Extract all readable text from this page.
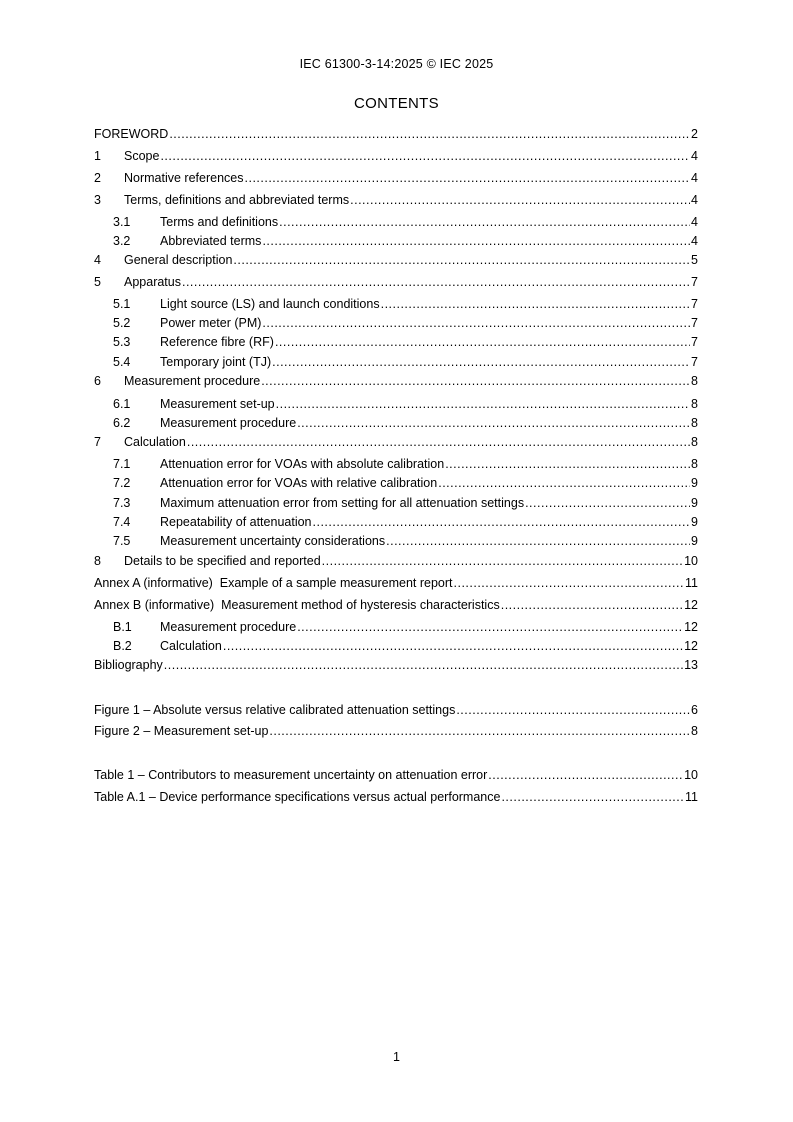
IEC 61300-3-14:2025 © IEC 2025
CONTENTS
FOREWORD .....	2
1	Scope .....	4
2	Normative references .....	4
3	Terms, definitions and abbreviated terms .....	4
3.1	Terms and definitions .....	4
3.2	Abbreviated terms .....	4
4	General description .....	5
5	Apparatus .....	7
5.1	Light source (LS) and launch conditions .....	7
5.2	Power meter (PM) .....	7
5.3	Reference fibre (RF) .....	7
5.4	Temporary joint (TJ) .....	7
6	Measurement procedure .....	8
6.1	Measurement set-up .....	8
6.2	Measurement procedure .....	8
7	Calculation .....	8
7.1	Attenuation error for VOAs with absolute calibration .....	8
7.2	Attenuation error for VOAs with relative calibration .....	9
7.3	Maximum attenuation error from setting for all attenuation settings .....	9
7.4	Repeatability of attenuation .....	9
7.5	Measurement uncertainty considerations .....	9
8	Details to be specified and reported .....	10
Annex A (informative)  Example of a sample measurement report .....	11
Annex B (informative)  Measurement method of hysteresis characteristics .....	12
B.1	Measurement procedure .....	12
B.2	Calculation .....	12
Bibliography .....	13
Figure 1 – Absolute versus relative calibrated attenuation settings .....	6
Figure 2 – Measurement set-up .....	8
Table 1 – Contributors to measurement uncertainty on attenuation error .....	10
Table A.1 – Device performance specifications versus actual performance .....	11
1
